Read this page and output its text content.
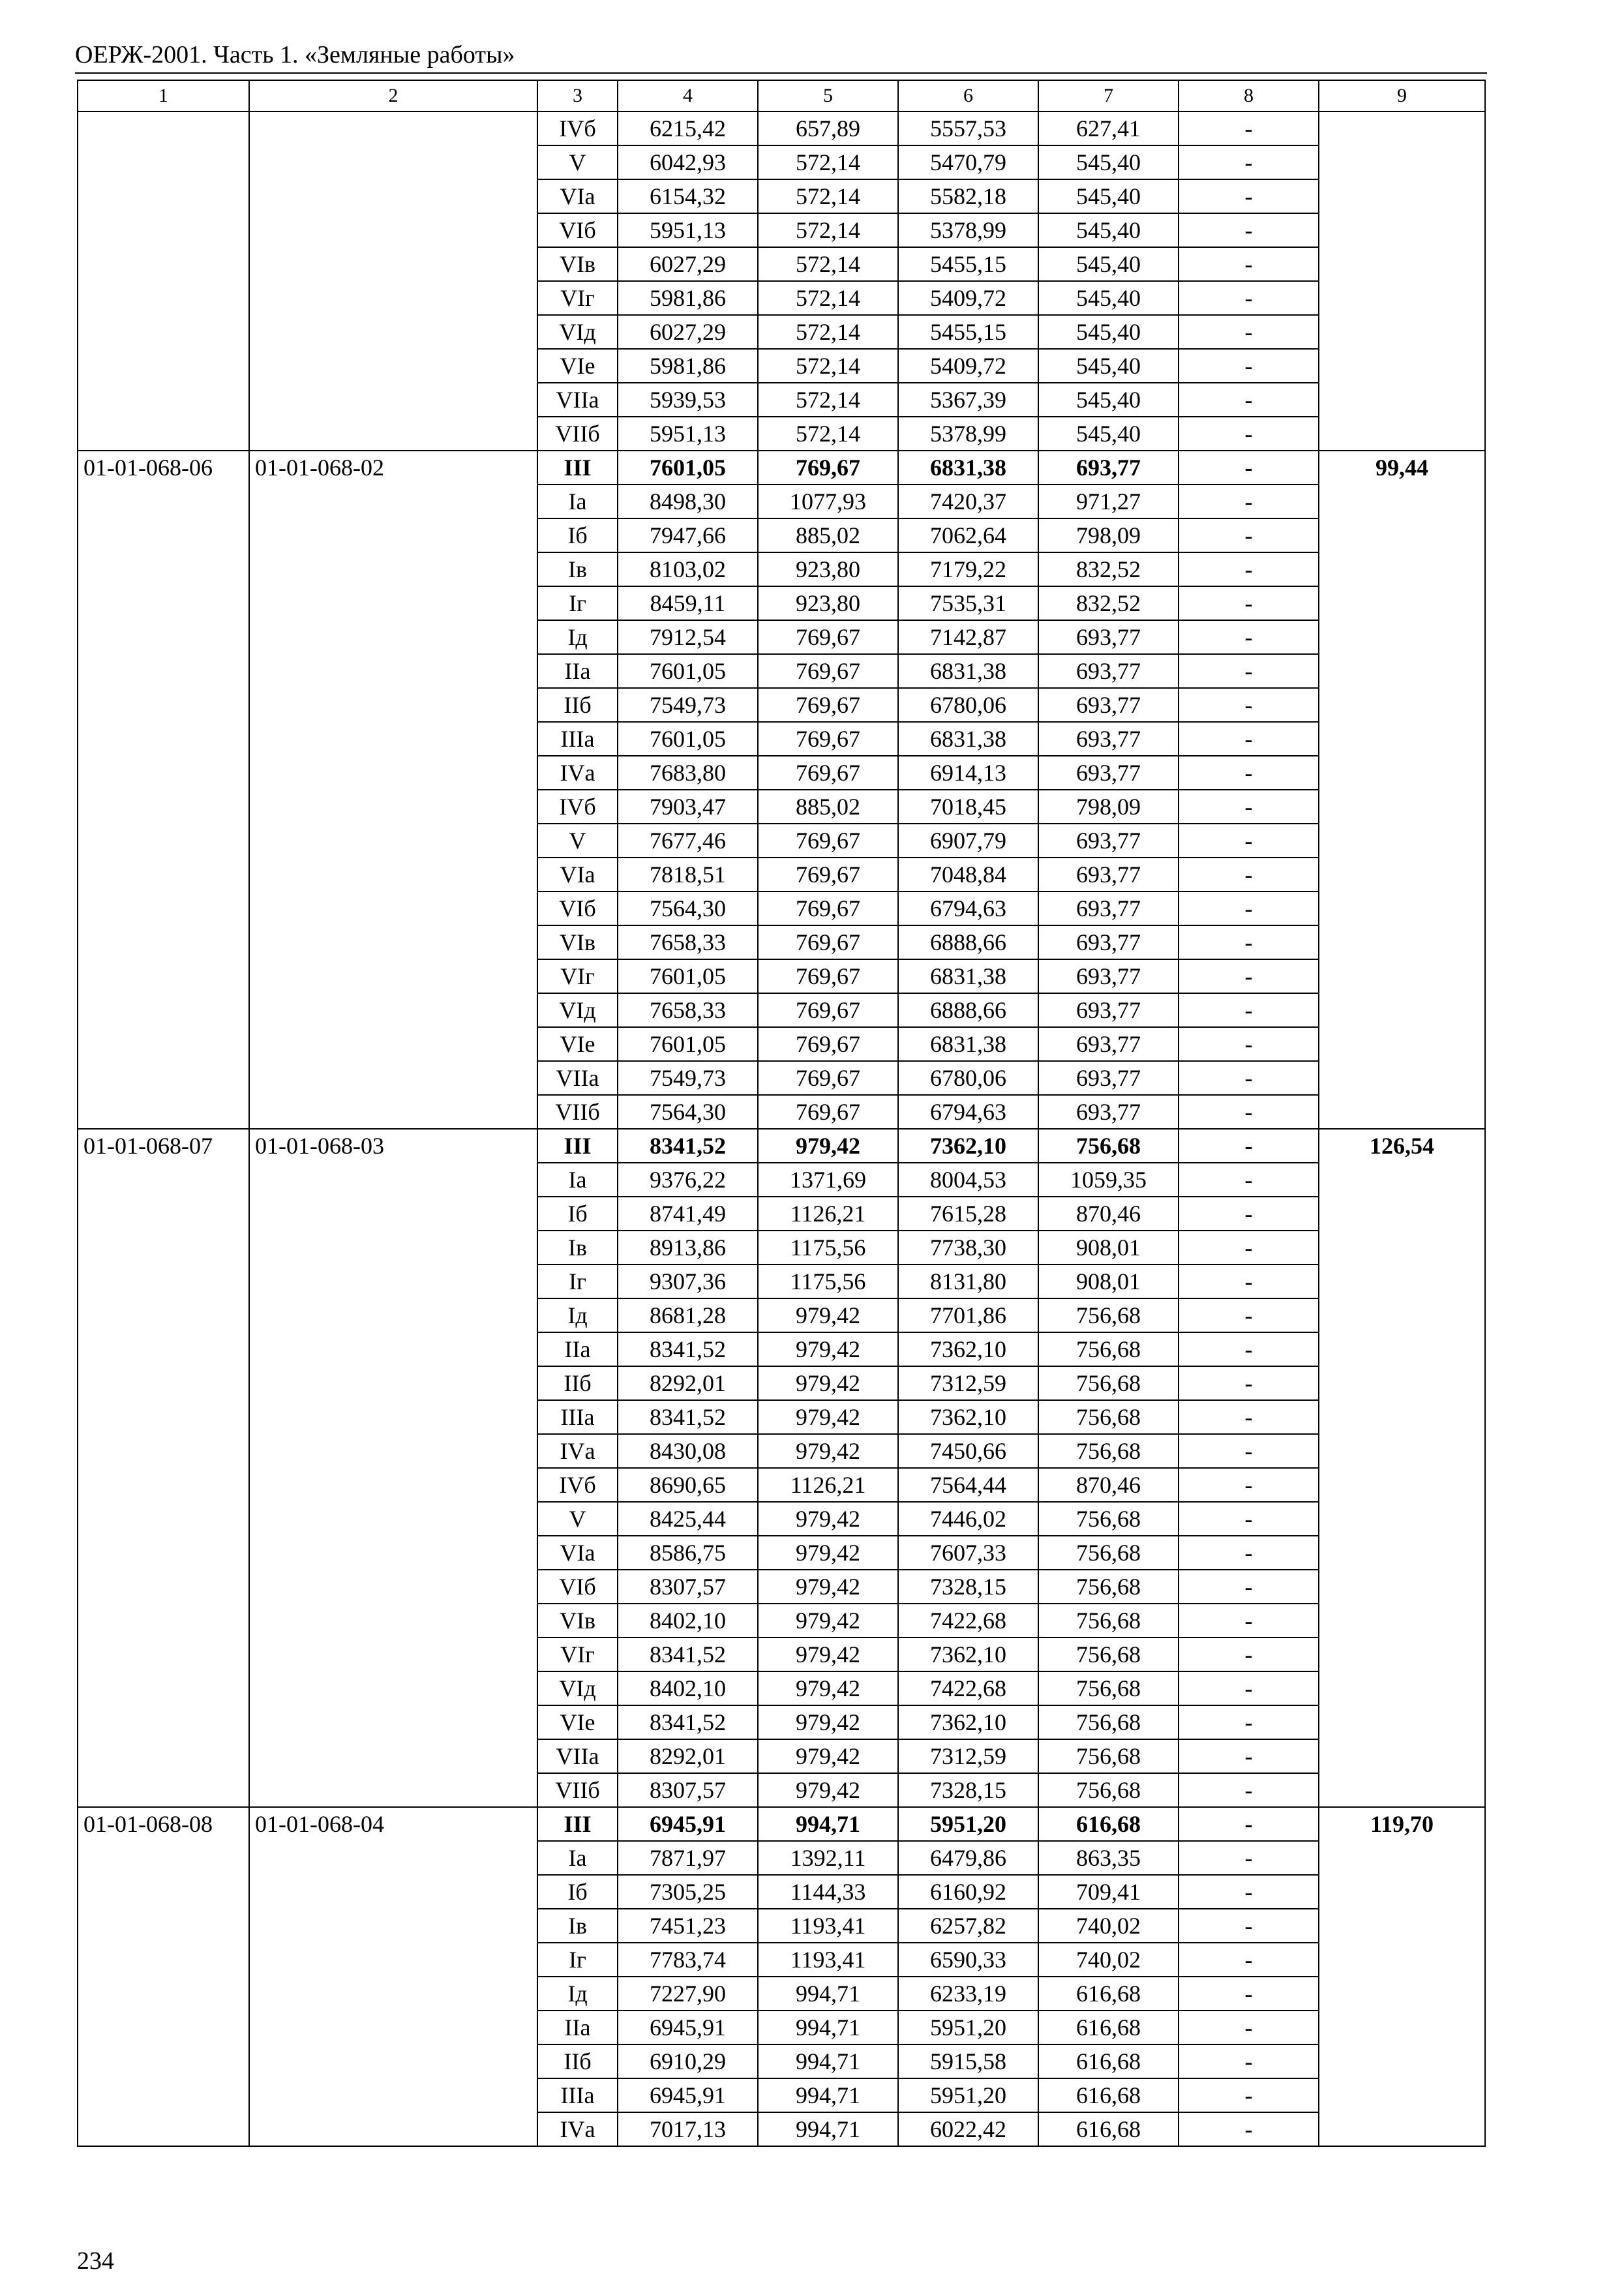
ОЕРЖ-2001. Часть 1. «Земляные работы»
1	2	3	4	5	6	7	8	9
		IVб	6215,42	657,89	5557,53	627,41	-	
		V	6042,93	572,14	5470,79	545,40	-	
		VIа	6154,32	572,14	5582,18	545,40	-	
		VIб	5951,13	572,14	5378,99	545,40	-	
		VIв	6027,29	572,14	5455,15	545,40	-	
		VIг	5981,86	572,14	5409,72	545,40	-	
		VIд	6027,29	572,14	5455,15	545,40	-	
		VIе	5981,86	572,14	5409,72	545,40	-	
		VIIа	5939,53	572,14	5367,39	545,40	-	
		VIIб	5951,13	572,14	5378,99	545,40	-	
01-01-068-06	01-01-068-02	III	7601,05	769,67	6831,38	693,77	-	99,44
		Iа	8498,30	1077,93	7420,37	971,27	-	
		Iб	7947,66	885,02	7062,64	798,09	-	
		Iв	8103,02	923,80	7179,22	832,52	-	
		Iг	8459,11	923,80	7535,31	832,52	-	
		Iд	7912,54	769,67	7142,87	693,77	-	
		IIа	7601,05	769,67	6831,38	693,77	-	
		IIб	7549,73	769,67	6780,06	693,77	-	
		IIIа	7601,05	769,67	6831,38	693,77	-	
		IVа	7683,80	769,67	6914,13	693,77	-	
		IVб	7903,47	885,02	7018,45	798,09	-	
		V	7677,46	769,67	6907,79	693,77	-	
		VIа	7818,51	769,67	7048,84	693,77	-	
		VIб	7564,30	769,67	6794,63	693,77	-	
		VIв	7658,33	769,67	6888,66	693,77	-	
		VIг	7601,05	769,67	6831,38	693,77	-	
		VIд	7658,33	769,67	6888,66	693,77	-	
		VIе	7601,05	769,67	6831,38	693,77	-	
		VIIа	7549,73	769,67	6780,06	693,77	-	
		VIIб	7564,30	769,67	6794,63	693,77	-	
01-01-068-07	01-01-068-03	III	8341,52	979,42	7362,10	756,68	-	126,54
		Iа	9376,22	1371,69	8004,53	1059,35	-	
		Iб	8741,49	1126,21	7615,28	870,46	-	
		Iв	8913,86	1175,56	7738,30	908,01	-	
		Iг	9307,36	1175,56	8131,80	908,01	-	
		Iд	8681,28	979,42	7701,86	756,68	-	
		IIа	8341,52	979,42	7362,10	756,68	-	
		IIб	8292,01	979,42	7312,59	756,68	-	
		IIIа	8341,52	979,42	7362,10	756,68	-	
		IVа	8430,08	979,42	7450,66	756,68	-	
		IVб	8690,65	1126,21	7564,44	870,46	-	
		V	8425,44	979,42	7446,02	756,68	-	
		VIа	8586,75	979,42	7607,33	756,68	-	
		VIб	8307,57	979,42	7328,15	756,68	-	
		VIв	8402,10	979,42	7422,68	756,68	-	
		VIг	8341,52	979,42	7362,10	756,68	-	
		VIд	8402,10	979,42	7422,68	756,68	-	
		VIе	8341,52	979,42	7362,10	756,68	-	
		VIIа	8292,01	979,42	7312,59	756,68	-	
		VIIб	8307,57	979,42	7328,15	756,68	-	
01-01-068-08	01-01-068-04	III	6945,91	994,71	5951,20	616,68	-	119,70
		Iа	7871,97	1392,11	6479,86	863,35	-	
		Iб	7305,25	1144,33	6160,92	709,41	-	
		Iв	7451,23	1193,41	6257,82	740,02	-	
		Iг	7783,74	1193,41	6590,33	740,02	-	
		Iд	7227,90	994,71	6233,19	616,68	-	
		IIа	6945,91	994,71	5951,20	616,68	-	
		IIб	6910,29	994,71	5915,58	616,68	-	
		IIIа	6945,91	994,71	5951,20	616,68	-	
		IVа	7017,13	994,71	6022,42	616,68	-	
234
